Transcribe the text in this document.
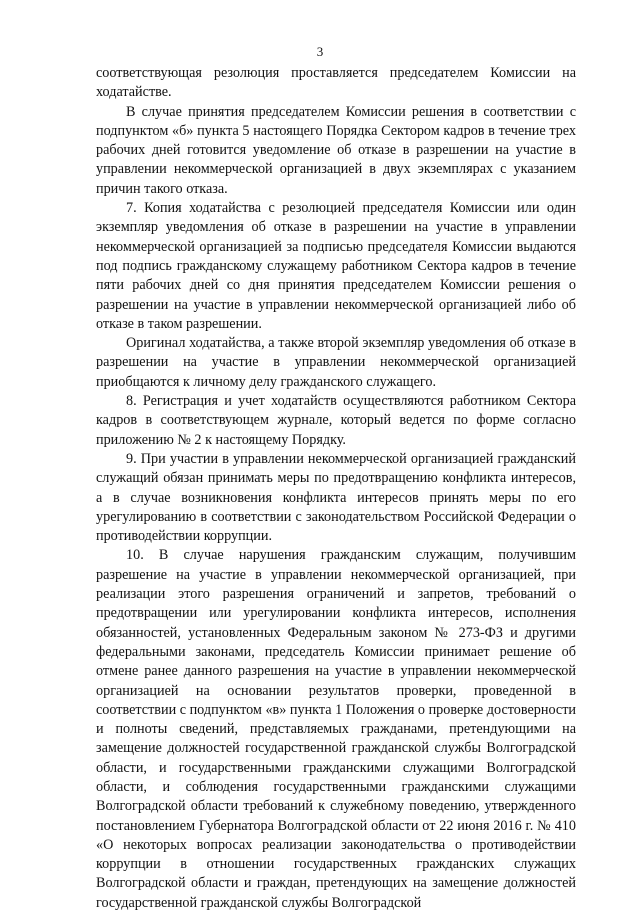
3

соответствующая резолюция проставляется председателем Комиссии на ходатайстве.

В случае принятия председателем Комиссии решения в соответствии с подпунктом «б» пункта 5 настоящего Порядка Сектором кадров в течение трех рабочих дней готовится уведомление об отказе в разрешении на участие в управлении некоммерческой организацией в двух экземплярах с указанием причин такого отказа.

7. Копия ходатайства с резолюцией председателя Комиссии или один экземпляр уведомления об отказе в разрешении на участие в управлении некоммерческой организацией за подписью председателя Комиссии выдаются под подпись гражданскому служащему работником Сектора кадров в течение пяти рабочих дней со дня принятия председателем Комиссии решения о разрешении на участие в управлении некоммерческой организацией либо об отказе в таком разрешении.

Оригинал ходатайства, а также второй экземпляр уведомления об отказе в разрешении на участие в управлении некоммерческой организацией приобщаются к личному делу гражданского служащего.

8. Регистрация и учет ходатайств осуществляются работником Сектора кадров в соответствующем журнале, который ведется по форме согласно приложению № 2 к настоящему Порядку.

9. При участии в управлении некоммерческой организацией гражданский служащий обязан принимать меры по предотвращению конфликта интересов, а в случае возникновения конфликта интересов принять меры по его урегулированию в соответствии с законодательством Российской Федерации о противодействии коррупции.

10. В случае нарушения гражданским служащим, получившим разрешение на участие в управлении некоммерческой организацией, при реализации этого разрешения ограничений и запретов, требований о предотвращении или урегулировании конфликта интересов, исполнения обязанностей, установленных Федеральным законом № 273-ФЗ и другими федеральными законами, председатель Комиссии принимает решение об отмене ранее данного разрешения на участие в управлении некоммерческой организацией на основании результатов проверки, проведенной в соответствии с подпунктом «в» пункта 1 Положения о проверке достоверности и полноты сведений, представляемых гражданами, претендующими на замещение должностей государственной гражданской службы Волгоградской области, и государственными гражданскими служащими Волгоградской области, и соблюдения государственными гражданскими служащими Волгоградской области требований к служебному поведению, утвержденного постановлением Губернатора Волгоградской области от 22 июня 2016 г. № 410 «О некоторых вопросах реализации законодательства о противодействии коррупции в отношении государственных гражданских служащих Волгоградской области и граждан, претендующих на замещение должностей государственной гражданской службы Волгоградской
